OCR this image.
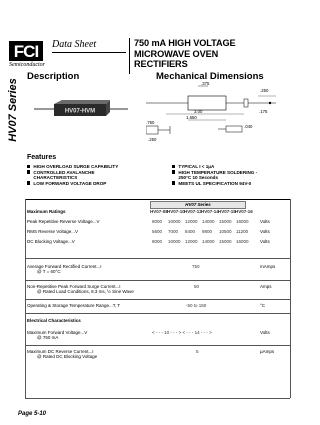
FCI
Semiconductor
Data Sheet	750 mA HIGH VOLTAGE
MICROWAVE OVEN
RECTIFIERS
HV07 Series
Description	Mechanical Dimensions
HV07-HVM
.375
.250
3.00	.175
1.650
.750
.250
.040
Features
HIGH OVERLOAD SURGE CAPABILITY
CONTROLLED AVALANCHE
CHARACTERISTICS
LOW FORWARD VOLTAGE DROP
TYPICAL I < 1µA
HIGH TEMPERATURE SOLDERING -
250°C 10 Seconds
MEETS UL SPECIFICATION 94V-0
HV07 Series
Maximum Ratings	HV07-08 HV07-10 HV07-12 HV07-14 HV07-15 HV07-16
Peak Repetitive Reverse Voltage...V	8000 10000 12000 14000 15000 16000	Volts
RMS Reverse Voltage...V	5600 7000 8400 9800 10500 11200	Volts
DC Blocking Voltage...V	8000 10000 12000 14000 15000 16000	Volts
Average Forward Rectified Current...I
@ T = 60°C
750	mAmps
Non-Repetitive Peak Forward Surge Current...I
@ Rated Load Conditions, 8.3 ms, ½ Sine Wave
50	Amps
Operating & Storage Temperature Range...T, T	-50 to 150	°C
Electrical Characteristics
Maximum Forward Voltage...V
@ 750 mA
< - - - 10 - - - > < - - - 14 - - - >	Volts
Maximum DC Reverse Current...I
@ Rated DC Blocking Voltage
5	µAmps
Page 5-10
